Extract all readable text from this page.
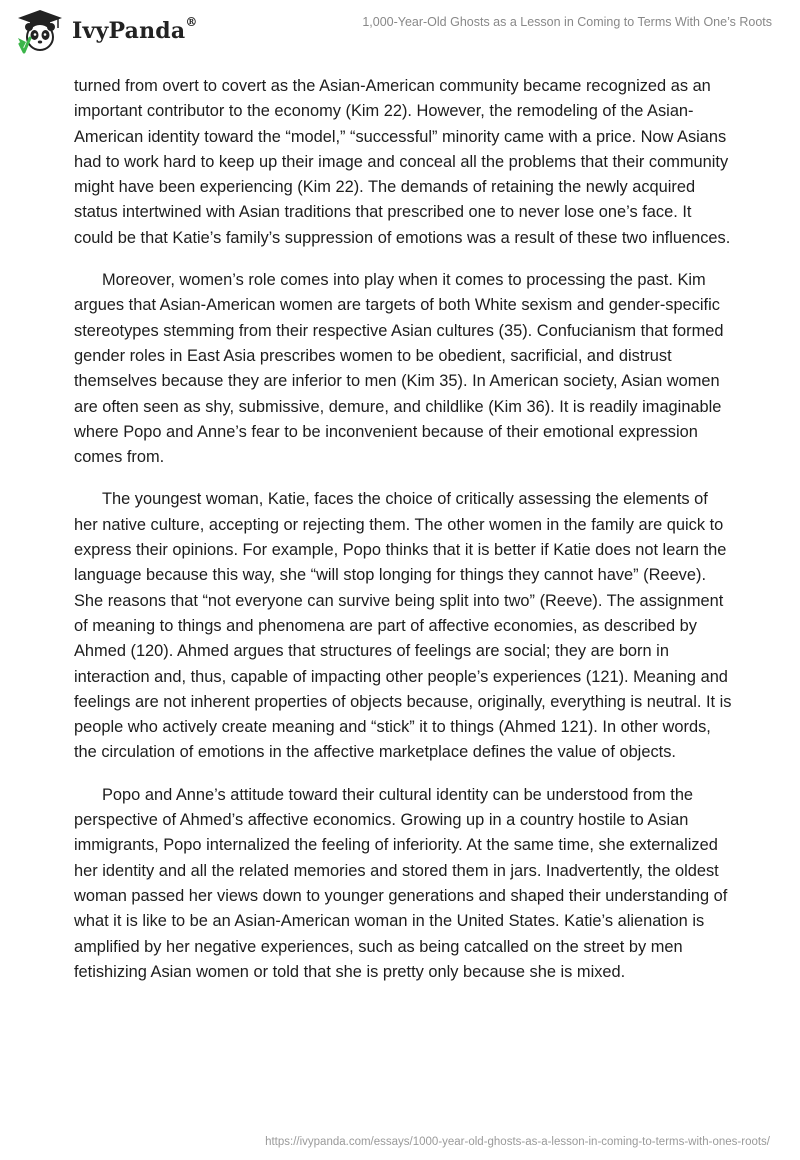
IvyPanda®	1,000-Year-Old Ghosts as a Lesson in Coming to Terms With One’s Roots

turned from overt to covert as the Asian-American community became recognized as an important contributor to the economy (Kim 22). However, the remodeling of the Asian-American identity toward the “model,” “successful” minority came with a price. Now Asians had to work hard to keep up their image and conceal all the problems that their community might have been experiencing (Kim 22). The demands of retaining the newly acquired status intertwined with Asian traditions that prescribed one to never lose one’s face. It could be that Katie’s family’s suppression of emotions was a result of these two influences.

Moreover, women’s role comes into play when it comes to processing the past. Kim argues that Asian-American women are targets of both White sexism and gender-specific stereotypes stemming from their respective Asian cultures (35). Confucianism that formed gender roles in East Asia prescribes women to be obedient, sacrificial, and distrust themselves because they are inferior to men (Kim 35). In American society, Asian women are often seen as shy, submissive, demure, and childlike (Kim 36). It is readily imaginable where Popo and Anne’s fear to be inconvenient because of their emotional expression comes from.

The youngest woman, Katie, faces the choice of critically assessing the elements of her native culture, accepting or rejecting them. The other women in the family are quick to express their opinions. For example, Popo thinks that it is better if Katie does not learn the language because this way, she “will stop longing for things they cannot have” (Reeve). She reasons that “not everyone can survive being split into two” (Reeve). The assignment of meaning to things and phenomena are part of affective economies, as described by Ahmed (120). Ahmed argues that structures of feelings are social; they are born in interaction and, thus, capable of impacting other people’s experiences (121). Meaning and feelings are not inherent properties of objects because, originally, everything is neutral. It is people who actively create meaning and “stick” it to things (Ahmed 121). In other words, the circulation of emotions in the affective marketplace defines the value of objects.

Popo and Anne’s attitude toward their cultural identity can be understood from the perspective of Ahmed’s affective economics. Growing up in a country hostile to Asian immigrants, Popo internalized the feeling of inferiority. At the same time, she externalized her identity and all the related memories and stored them in jars. Inadvertently, the oldest woman passed her views down to younger generations and shaped their understanding of what it is like to be an Asian-American woman in the United States. Katie’s alienation is amplified by her negative experiences, such as being catcalled on the street by men fetishizing Asian women or told that she is pretty only because she is mixed.

https://ivypanda.com/essays/1000-year-old-ghosts-as-a-lesson-in-coming-to-terms-with-ones-roots/
